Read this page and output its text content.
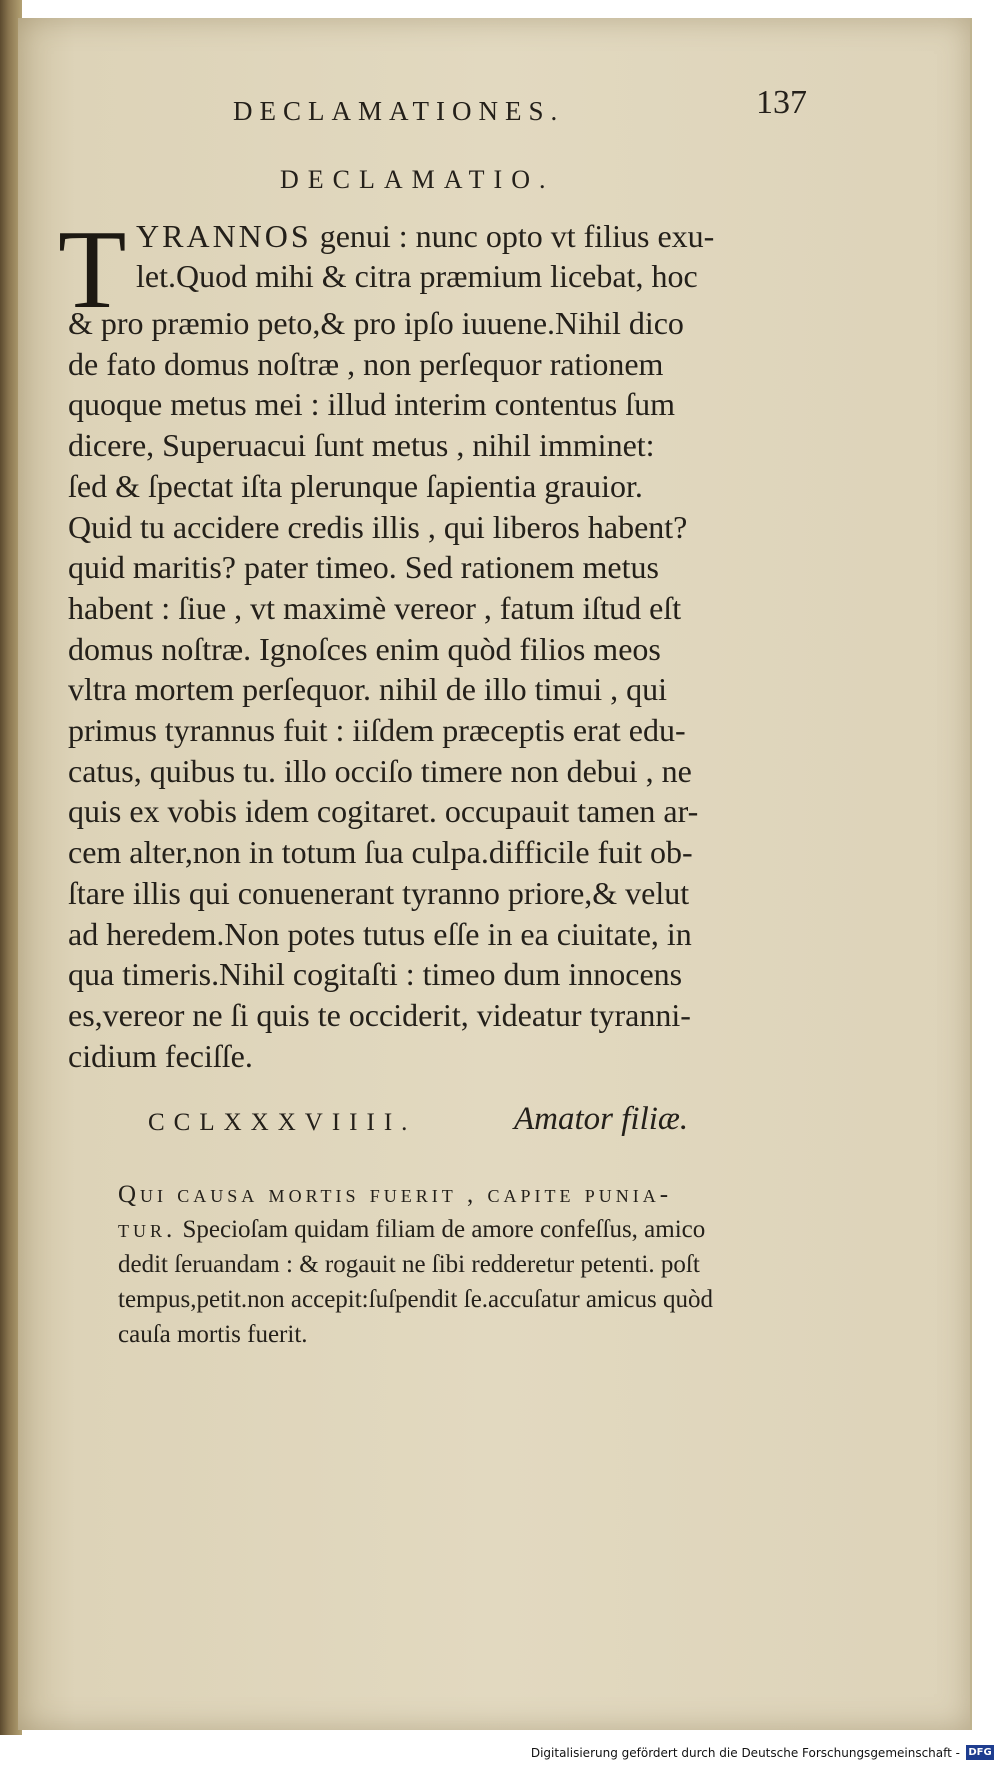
DECLAMATIONES.	137
DECLAMATIO.
T YRANNOS genui : nunc opto vt filius exu-
let.Quod mihi & citra præmium licebat, hoc
& pro præmio peto,& pro ipſo iuuene.Nihil dico
de fato domus noſtræ , non perſequor rationem
quoque metus mei : illud interim contentus ſum
dicere, Superuacui ſunt metus , nihil imminet:
ſed & ſpectat iſta plerunque ſapientia grauior.
Quid tu accidere credis illis , qui liberos habent?
quid maritis? pater timeo. Sed rationem metus
habent : ſiue , vt maximè vereor , fatum iſtud eſt
domus noſtræ. Ignoſces enim quòd filios meos
vltra mortem perſequor. nihil de illo timui , qui
primus tyrannus fuit : iiſdem præceptis erat edu-
catus, quibus tu. illo occiſo timere non debui , ne
quis ex vobis idem cogitaret. occupauit tamen ar-
cem alter,non in totum ſua culpa.difficile fuit ob-
ſtare illis qui conuenerant tyranno priore,& velut
ad heredem.Non potes tutus eſſe in ea ciuitate, in
qua timeris.Nihil cogitaſti : timeo dum innocens
es,vereor ne ſi quis te occiderit, videatur tyranni-
cidium feciſſe.
CCLXXXVIIII.	Amator filiæ.
Qui causa mortis fuerit , capite punia-
tur. Specioſam quidam filiam de amore confeſſus, amico
dedit ſeruandam : & rogauit ne ſibi redderetur petenti. poſt
tempus,petit.non accepit:ſuſpendit ſe.accuſatur amicus quòd
cauſa mortis fuerit.
Digitalisierung gefördert durch die Deutsche Forschungsgemeinschaft - DFG
